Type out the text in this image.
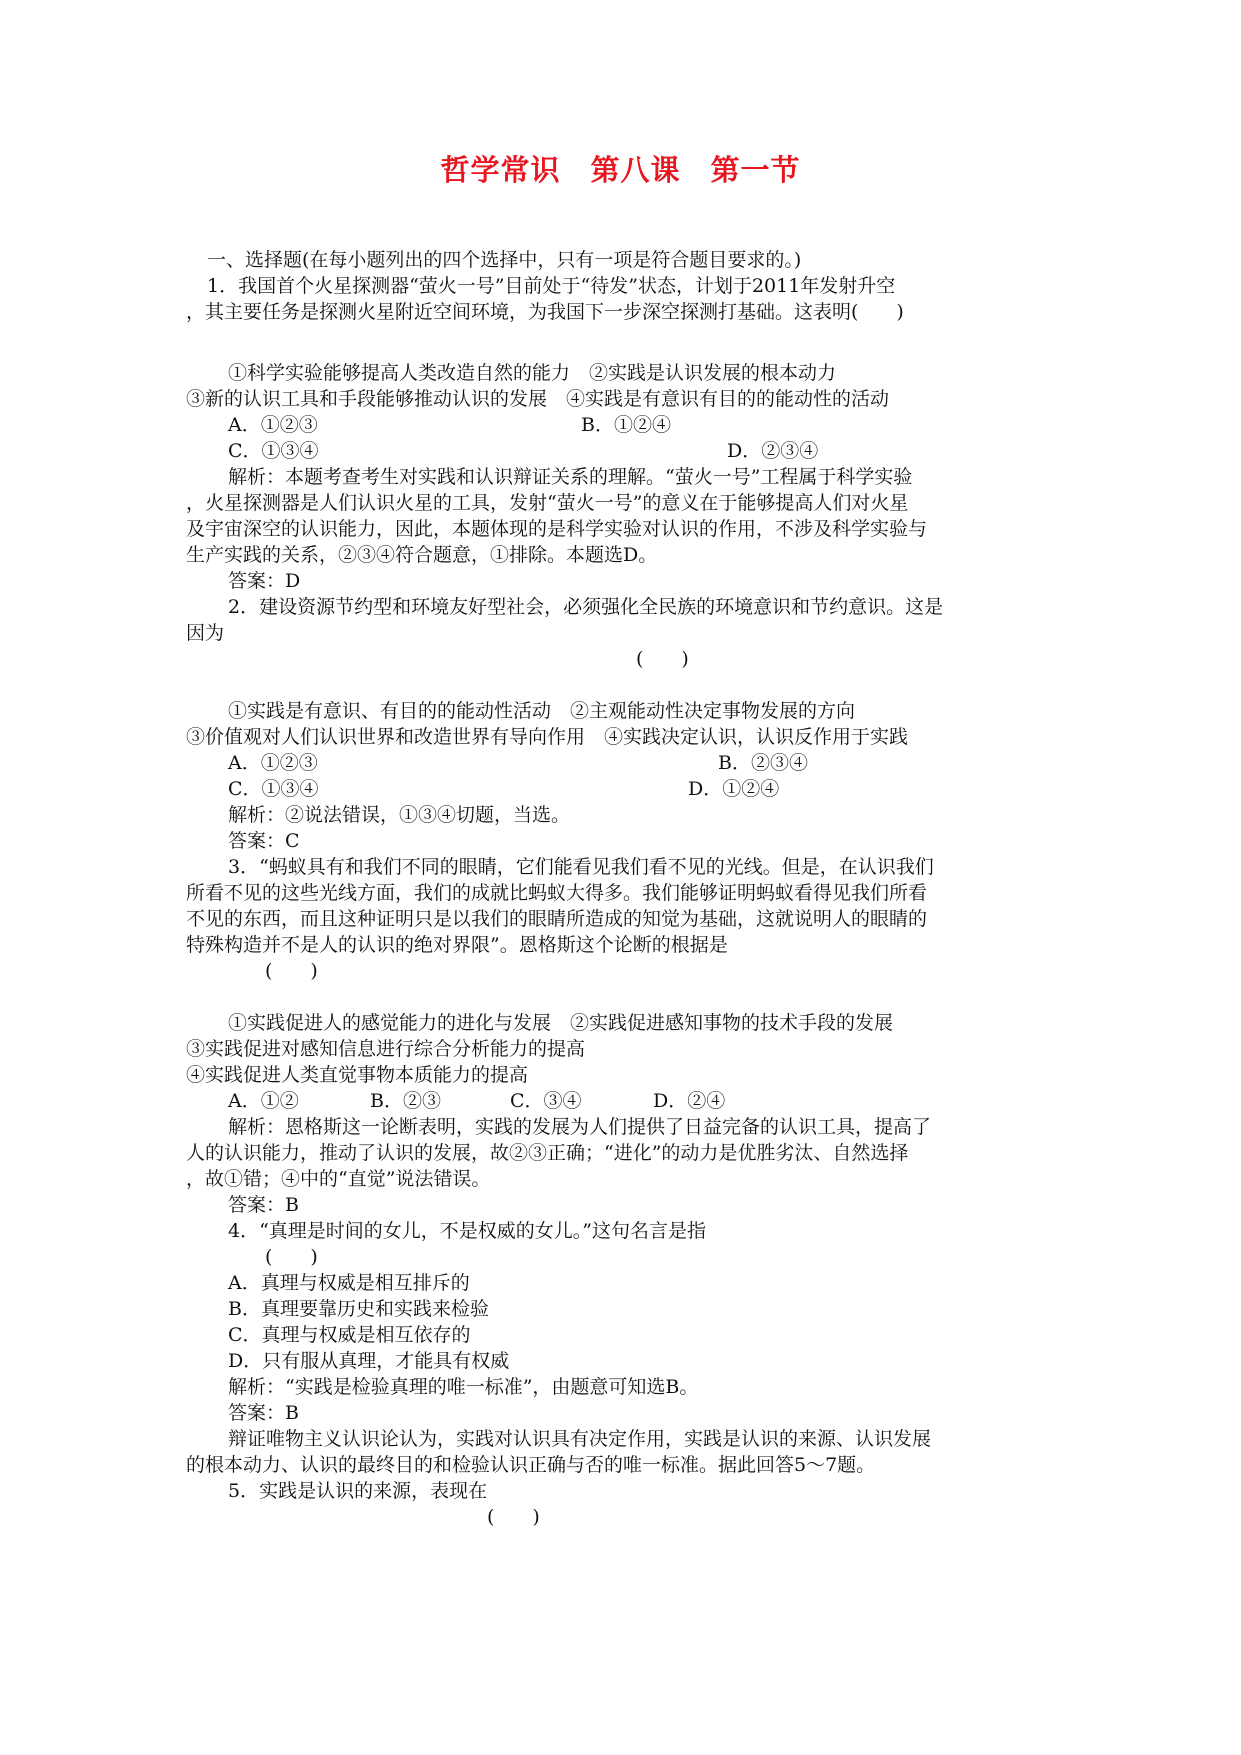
哲学常识　第八课　第一节
一、选择题(在每小题列出的四个选择中，只有一项是符合题目要求的。)
1．我国首个火星探测器“萤火一号”目前处于“待发”状态，计划于2011年发射升空
，其主要任务是探测火星附近空间环境，为我国下一步深空探测打基础。这表明(　　)
①科学实验能够提高人类改造自然的能力　②实践是认识发展的根本动力
③新的认识工具和手段能够推动认识的发展　④实践是有意识有目的的能动性的活动
A．①②③	B．①②④
C．①③④	D．②③④
解析：本题考查考生对实践和认识辩证关系的理解。“萤火一号”工程属于科学实验
，火星探测器是人们认识火星的工具，发射“萤火一号”的意义在于能够提高人们对火星
及宇宙深空的认识能力，因此，本题体现的是科学实验对认识的作用，不涉及科学实验与
生产实践的关系，②③④符合题意，①排除。本题选D。
答案：D
2．建设资源节约型和环境友好型社会，必须强化全民族的环境意识和节约意识。这是
因为
(　　)
①实践是有意识、有目的的能动性活动　②主观能动性决定事物发展的方向
③价值观对人们认识世界和改造世界有导向作用　④实践决定认识，认识反作用于实践
A．①②③	B．②③④
C．①③④	D．①②④
解析：②说法错误，①③④切题，当选。
答案：C
3．“蚂蚁具有和我们不同的眼睛，它们能看见我们看不见的光线。但是，在认识我们
所看不见的这些光线方面，我们的成就比蚂蚁大得多。我们能够证明蚂蚁看得见我们所看
不见的东西，而且这种证明只是以我们的眼睛所造成的知觉为基础，这就说明人的眼睛的
特殊构造并不是人的认识的绝对界限”。恩格斯这个论断的根据是
(　　)
①实践促进人的感觉能力的进化与发展　②实践促进感知事物的技术手段的发展
③实践促进对感知信息进行综合分析能力的提高
④实践促进人类直觉事物本质能力的提高
A．①②	B．②③	C．③④	D．②④
解析：恩格斯这一论断表明，实践的发展为人们提供了日益完备的认识工具，提高了
人的认识能力，推动了认识的发展，故②③正确；“进化”的动力是优胜劣汰、自然选择
，故①错；④中的“直觉”说法错误。
答案：B
4．“真理是时间的女儿，不是权威的女儿。”这句名言是指
(　　)
A．真理与权威是相互排斥的
B．真理要靠历史和实践来检验
C．真理与权威是相互依存的
D．只有服从真理，才能具有权威
解析：“实践是检验真理的唯一标准”，由题意可知选B。
答案：B
辩证唯物主义认识论认为，实践对认识具有决定作用，实践是认识的来源、认识发展
的根本动力、认识的最终目的和检验认识正确与否的唯一标准。据此回答5～7题。
5．实践是认识的来源，表现在
(　　)
